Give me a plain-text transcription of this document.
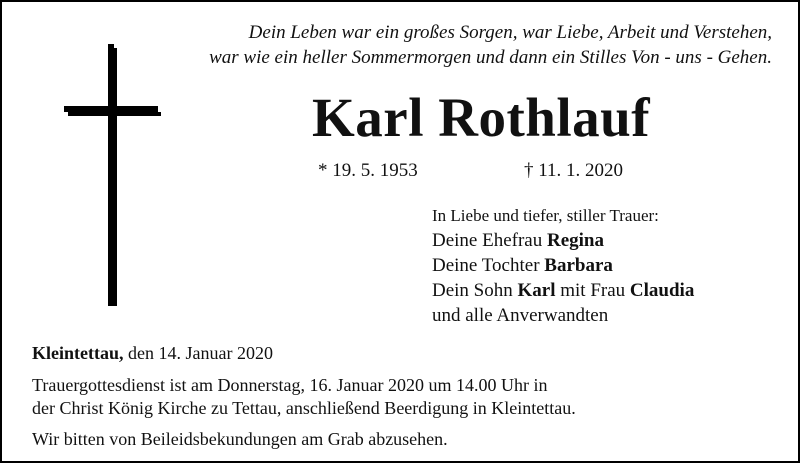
Dein Leben war ein großes Sorgen, war Liebe, Arbeit und Verstehen,
war wie ein heller Sommermorgen und dann ein Stilles Von - uns - Gehen.
Karl Rothlauf
* 19. 5. 1953	† 11. 1. 2020
In Liebe und tiefer, stiller Trauer:
Deine Ehefrau Regina
Deine Tochter Barbara
Dein Sohn Karl mit Frau Claudia
und alle Anverwandten
Kleintettau, den 14. Januar 2020
Trauergottesdienst ist am Donnerstag, 16. Januar 2020 um 14.00 Uhr in
der Christ König Kirche zu Tettau, anschließend Beerdigung in Kleintettau.
Wir bitten von Beileidsbekundungen am Grab abzusehen.
